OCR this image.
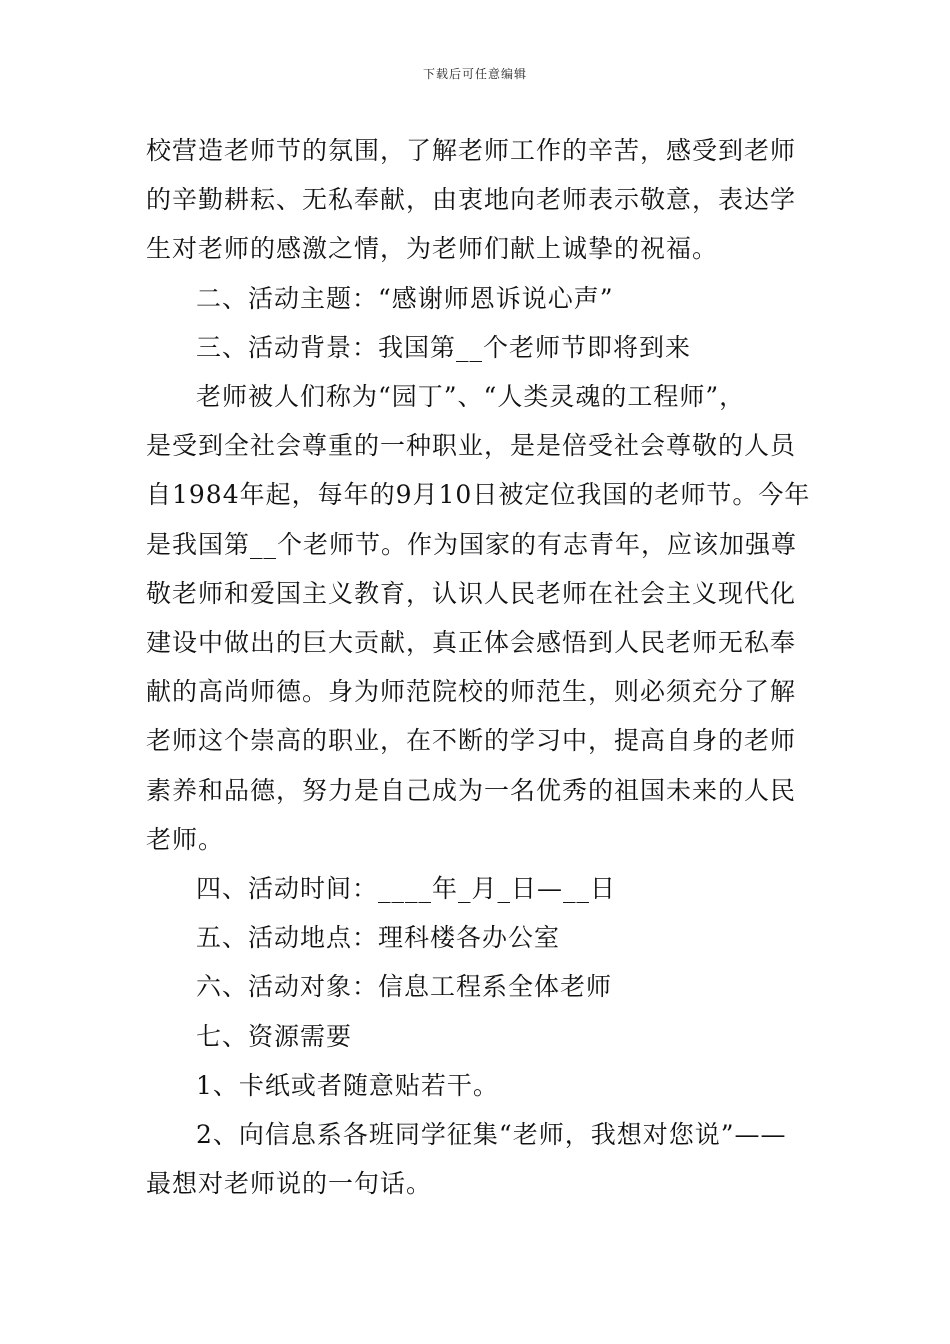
下载后可任意编辑

校营造老师节的氛围，了解老师工作的辛苦，感受到老师

的辛勤耕耘、无私奉献，由衷地向老师表示敬意，表达学

生对老师的感激之情，为老师们献上诚挚的祝福。

二、活动主题：“感谢师恩诉说心声”

三、活动背景：我国第__个老师节即将到来

老师被人们称为“园丁”、“人类灵魂的工程师”，

是受到全社会尊重的一种职业，是是倍受社会尊敬的人员

自1984年起，每年的9月10日被定位我国的老师节。今年

是我国第__个老师节。作为国家的有志青年，应该加强尊

敬老师和爱国主义教育，认识人民老师在社会主义现代化

建设中做出的巨大贡献，真正体会感悟到人民老师无私奉

献的高尚师德。身为师范院校的师范生，则必须充分了解

老师这个崇高的职业，在不断的学习中，提高自身的老师

素养和品德，努力是自己成为一名优秀的祖国未来的人民

老师。

四、活动时间：____年_月_日—__日

五、活动地点：理科楼各办公室

六、活动对象：信息工程系全体老师

七、资源需要

1、卡纸或者随意贴若干。

2、向信息系各班同学征集“老师，我想对您说”——

最想对老师说的一句话。
